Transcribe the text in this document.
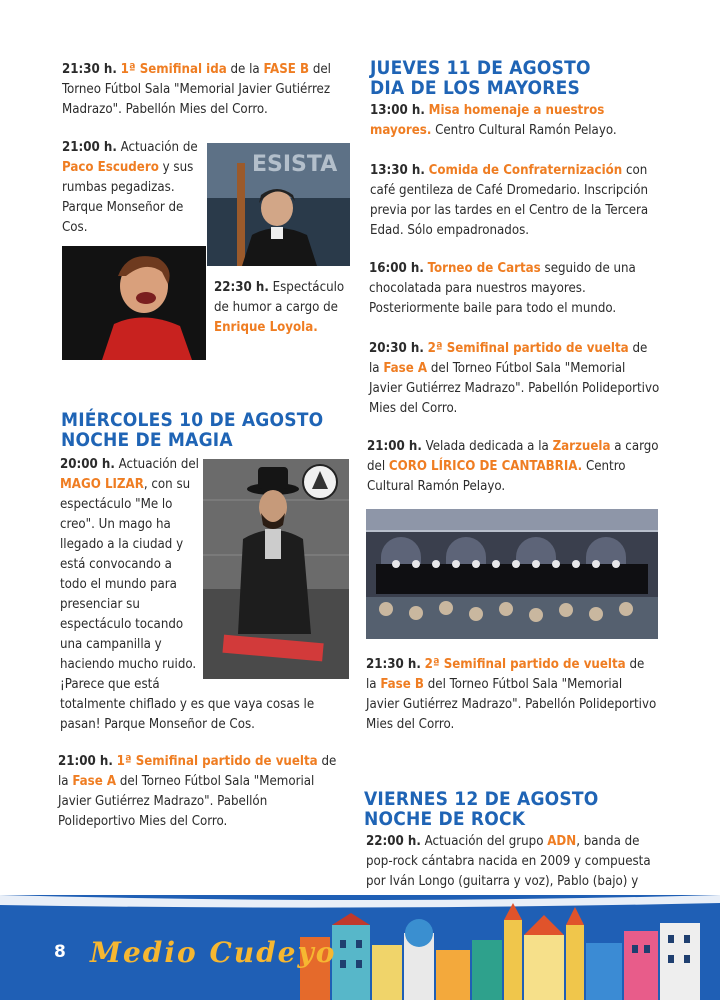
21:30 h. 1ª Semifinal ida de la FASE B del Torneo Fútbol Sala "Memorial Javier Gutiérrez Madrazo". Pabellón Mies del Corro.

21:00 h. Actuación de Paco Escudero y sus rumbas pegadizas. Parque Monseñor de Cos.

ESISTA

22:30 h. Espectáculo de humor a cargo de Enrique Loyola.

MIÉRCOLES 10 DE AGOSTO
NOCHE DE MAGIA

20:00 h. Actuación del MAGO LIZAR, con su espectáculo "Me lo creo". Un mago ha llegado a la ciudad y está convocando a todo el mundo para presenciar su espectáculo tocando una campanilla y haciendo mucho ruido. ¡Parece que está totalmente chiflado y es que vaya cosas le pasan! Parque Monseñor de Cos.

21:00 h. 1ª Semifinal partido de vuelta de la Fase A del Torneo Fútbol Sala "Memorial Javier Gutiérrez Madrazo". Pabellón Polideportivo Mies del Corro.

JUEVES 11 DE AGOSTO
DIA DE LOS MAYORES

13:00 h. Misa homenaje a nuestros mayores. Centro Cultural Ramón Pelayo.

13:30 h. Comida de Confraternización con café gentileza de Café Dromedario. Inscripción previa por las tardes en el Centro de la Tercera Edad. Sólo empadronados.

16:00 h. Torneo de Cartas seguido de una chocolatada para nuestros mayores. Posteriormente baile para todo el mundo.

20:30 h. 2ª Semifinal partido de vuelta de la Fase A del Torneo Fútbol Sala "Memorial Javier Gutiérrez Madrazo". Pabellón Polideportivo Mies del Corro.

21:00 h. Velada dedicada a la Zarzuela a cargo del CORO LÍRICO DE CANTABRIA. Centro Cultural Ramón Pelayo.

21:30 h. 2ª Semifinal partido de vuelta de la Fase B del Torneo Fútbol Sala "Memorial Javier Gutiérrez Madrazo". Pabellón Polideportivo Mies del Corro.

VIERNES 12 DE AGOSTO
NOCHE DE ROCK

22:00 h. Actuación del grupo ADN, banda de pop-rock cántabra nacida en 2009 y compuesta por Iván Longo (guitarra y voz), Pablo (bajo) y

8 Medio Cudeyo
